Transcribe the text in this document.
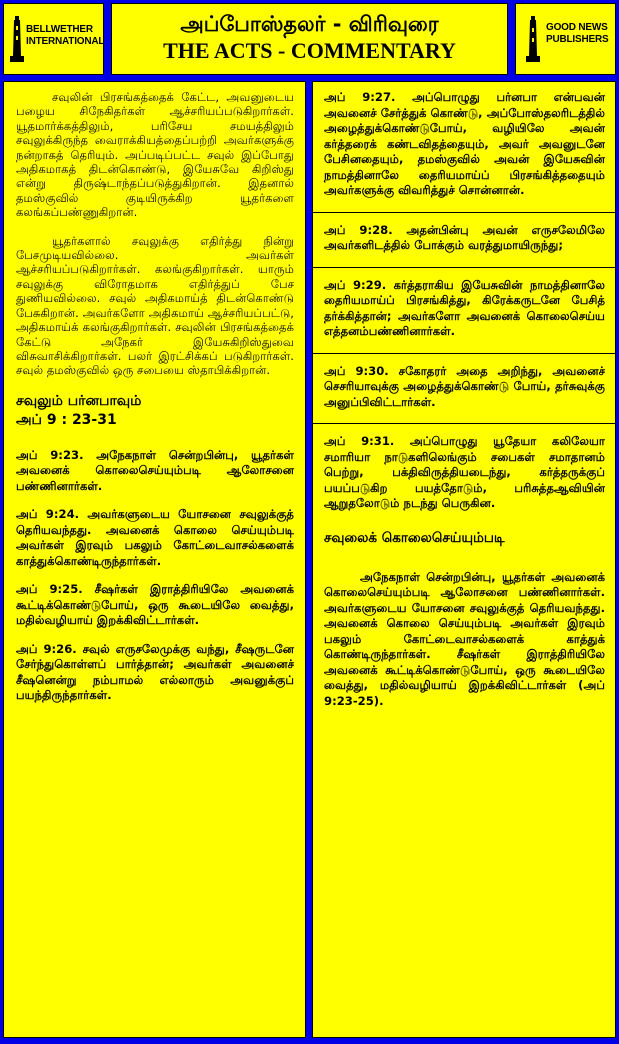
BELLWETHER INTERNATIONAL
அப்போஸ்தலர் - விரிவுரை
THE ACTS - COMMENTARY
GOOD NEWS PUBLISHERS

சவுலின் பிரசங்கத்தைக் கேட்ட, அவனுடைய பழைய சிநேகிதர்கள் ஆச்சரியப்படுகிறார்கள். யூதமார்க்கத்திலும், பரிசேய சமயத்திலும் சவுலுக்கிருந்த வைராக்கியத்தைப்பற்றி அவர்களுக்கு நன்றாகத் தெரியும். அப்படிப்பட்ட சவுல் இப்போது அதிகமாகத் திடன்கொண்டு, இயேசுவே கிறிஸ்து என்று திருஷ்டாந்தப்படுத்துகிறான். இதனால் தமஸ்குவில் குடியிருக்கிற யூதர்களை கலங்கப்பண்ணுகிறான்.

யூதர்களால் சவுலுக்கு எதிர்த்து நின்று பேசமுடியவில்லை. அவர்கள் ஆச்சரியப்படுகிறார்கள். கலங்குகிறார்கள். யாரும் சவுலுக்கு விரோதமாக எதிர்த்துப் பேச துணியவில்லை. சவுல் அதிகமாய்த் திடன்கொண்டு பேசுகிறான். அவர்களோ அதிகமாய் ஆச்சரியப்பட்டு, அதிகமாய்க் கலங்குகிறார்கள். சவுலின் பிரசங்கத்தைக் கேட்டு அநேகர் இயேசுகிறிஸ்துவை விசுவாசிக்கிறார்கள். பலர் இரட்சிக்கப் படுகிறார்கள். சவுல் தமஸ்குவில் ஒரு சபையை ஸ்தாபிக்கிறான்.

சவுலும் பர்னபாவும்
அப் 9 : 23-31

அப் 9:23. அநேகநாள் சென்றபின்பு, யூதர்கள் அவனைக் கொலைசெய்யும்படி ஆலோசனை பண்ணினார்கள்.

அப் 9:24. அவர்களுடைய யோசனை சவுலுக்குத் தெரியவந்தது. அவனைக் கொலை செய்யும்படி அவர்கள் இரவும் பகலும் கோட்டைவாசல்களைக் காத்துக்கொண்டிருந்தார்கள்.

அப் 9:25. சீஷர்கள் இராத்திரியிலே அவனைக் கூட்டிக்கொண்டுபோய், ஒரு கூடையிலே வைத்து, மதில்வழியாய் இறக்கிவிட்டார்கள்.

அப் 9:26. சவுல் எருசலேமுக்கு வந்து, சீஷருடனே சேர்ந்துகொள்ளப் பார்த்தான்; அவர்கள் அவனைச் சீஷனென்று நம்பாமல் எல்லாரும் அவனுக்குப் பயந்திருந்தார்கள்.

அப் 9:27. அப்பொழுது பர்னபா என்பவன் அவனைச் சேர்த்துக் கொண்டு, அப்போஸ்தலரிடத்தில் அழைத்துக்கொண்டுபோய், வழியிலே அவன் கர்த்தரைக் கண்டவிதத்தையும், அவர் அவனுடனே பேசினதையும், தமஸ்குவில் அவன் இயேசுவின் நாமத்தினாலே தைரியமாய்ப் பிரசங்கித்ததையும் அவர்களுக்கு விவரித்துச் சொன்னான்.

அப் 9:28. அதன்பின்பு அவன் எருசலேமிலே அவர்களிடத்தில் போக்கும் வரத்துமாயிருந்து;

அப் 9:29. கர்த்தராகிய இயேசுவின் நாமத்தினாலே தைரியமாய்ப் பிரசங்கித்து, கிரேக்கருடனே பேசித் தர்க்கித்தான்; அவர்களோ அவனைக் கொலைசெய்ய எத்தனம்பண்ணினார்கள்.

அப் 9:30. சகோதரர் அதை அறிந்து, அவனைச் செசரியாவுக்கு அழைத்துக்கொண்டு போய், தர்சுவுக்கு அனுப்பிவிட்டார்கள்.

அப் 9:31. அப்பொழுது யூதேயா கலிலேயா சமாரியா நாடுகளிலெங்கும் சபைகள் சமாதானம் பெற்று, பக்திவிருத்தியடைந்து, கர்த்தருக்குப் பயப்படுகிற பயத்தோடும், பரிசுத்தஆவியின் ஆறுதலோடும் நடந்து பெருகின.

சவுலைக் கொலைசெய்யும்படி

அநேகநாள் சென்றபின்பு, யூதர்கள் அவனைக் கொலைசெய்யும்படி ஆலோசனை பண்ணினார்கள். அவர்களுடைய யோசனை சவுலுக்குத் தெரியவந்தது. அவனைக் கொலை செய்யும்படி அவர்கள் இரவும் பகலும் கோட்டைவாசல்களைக் காத்துக் கொண்டிருந்தார்கள். சீஷர்கள் இராத்திரியிலே அவனைக் கூட்டிக்கொண்டுபோய், ஒரு கூடையிலே வைத்து, மதில்வழியாய் இறக்கிவிட்டார்கள் (அப் 9:23-25).
